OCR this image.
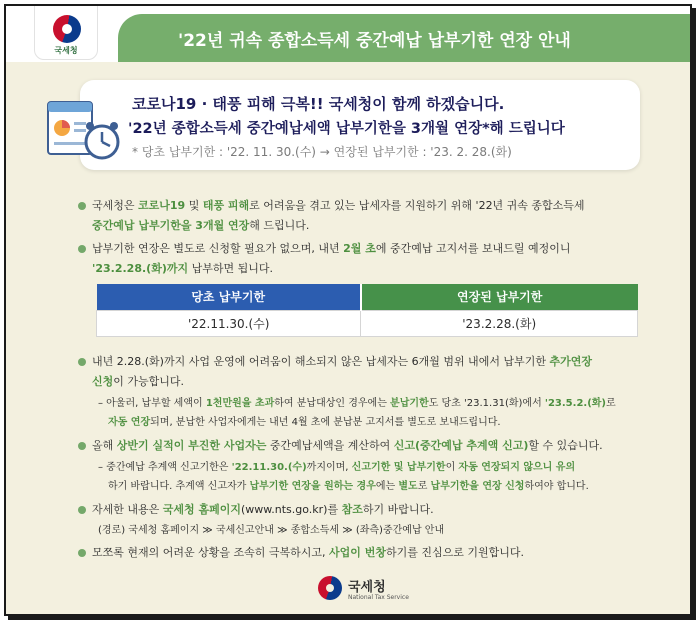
'22년 귀속 종합소득세 중간예납 납부기한 연장 안내
국세청
코로나19 · 태풍 피해 극복!! 국세청이 함께 하겠습니다.
'22년 종합소득세 중간예납세액 납부기한을 3개월 연장*해 드립니다
* 당초 납부기한 : '22. 11. 30.(수) → 연장된 납부기한 : '23. 2. 28.(화)
국세청은 코로나19 및 태풍 피해로 어려움을 겪고 있는 납세자를 지원하기 위해 '22년 귀속 종합소득세
중간예납 납부기한을 3개월 연장해 드립니다.
납부기한 연장은 별도로 신청할 필요가 없으며, 내년 2월 초에 중간예납 고지서를 보내드릴 예정이니
'23.2.28.(화)까지 납부하면 됩니다.
당초 납부기한	연장된 납부기한
'22.11.30.(수)	'23.2.28.(화)
내년 2.28.(화)까지 사업 운영에 어려움이 해소되지 않은 납세자는 6개월 범위 내에서 납부기한 추가연장
신청이 가능합니다.
– 아울러, 납부할 세액이 1천만원을 초과하여 분납대상인 경우에는 분납기한도 당초 '23.1.31(화)에서 '23.5.2.(화)로
자동 연장되며, 분납한 사업자에게는 내년 4월 초에 분납분 고지서를 별도로 보내드립니다.
올해 상반기 실적이 부진한 사업자는 중간예납세액을 계산하여 신고(중간예납 추계액 신고)할 수 있습니다.
– 중간예납 추계액 신고기한은 '22.11.30.(수)까지이며, 신고기한 및 납부기한이 자동 연장되지 않으니 유의
하기 바랍니다. 추계액 신고자가 납부기한 연장을 원하는 경우에는 별도로 납부기한을 연장 신청하여야 합니다.
자세한 내용은 국세청 홈페이지(www.nts.go.kr)를 참조하기 바랍니다.
(경로) 국세청 홈페이지 ≫ 국세신고안내 ≫ 종합소득세 ≫ (좌측)중간예납 안내
모쪼록 현재의 어려운 상황을 조속히 극복하시고, 사업이 번창하기를 진심으로 기원합니다.
국세청
National Tax Service
